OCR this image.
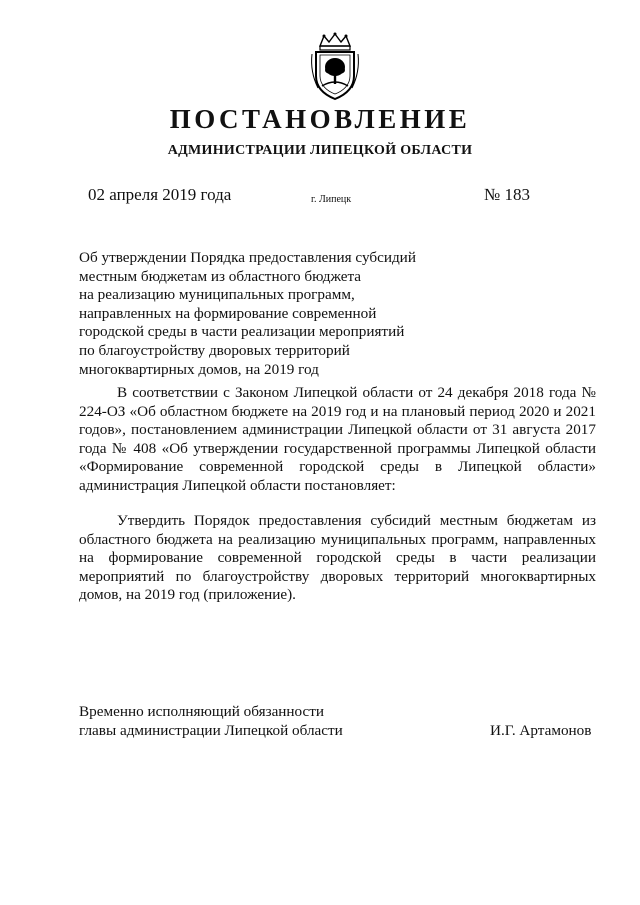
ПОСТАНОВЛЕНИЕ
АДМИНИСТРАЦИИ ЛИПЕЦКОЙ ОБЛАСТИ
02 апреля 2019 года	г. Липецк	№ 183
Об утверждении Порядка предоставления субсидий
местным бюджетам из областного бюджета
на реализацию муниципальных программ,
направленных на формирование современной
городской среды в части реализации мероприятий
по благоустройству дворовых территорий
многоквартирных домов, на 2019 год

В соответствии с Законом Липецкой области от 24 декабря 2018 года № 224-ОЗ «Об областном бюджете на 2019 год и на плановый период 2020 и 2021 годов», постановлением администрации Липецкой области от 31 августа 2017 года № 408 «Об утверждении государственной программы Липецкой области «Формирование современной городской среды в Липецкой области» администрация Липецкой области постановляет:

Утвердить Порядок предоставления субсидий местным бюджетам из областного бюджета на реализацию муниципальных программ, направленных на формирование современной городской среды в части реализации мероприятий по благоустройству дворовых территорий многоквартирных домов, на 2019 год (приложение).

Временно исполняющий обязанности
главы администрации Липецкой области	И.Г. Артамонов
